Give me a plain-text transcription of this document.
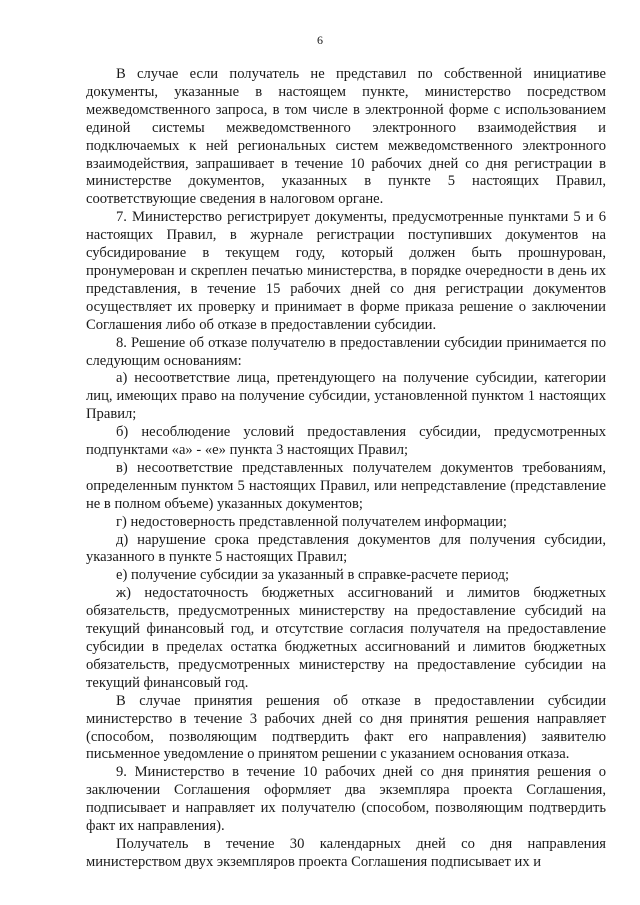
6

В случае если получатель не представил по собственной инициативе документы, указанные в настоящем пункте, министерство посредством межведомственного запроса, в том числе в электронной форме с использованием единой системы межведомственного электронного взаимодействия и подключаемых к ней региональных систем межведомственного электронного взаимодействия, запрашивает в течение 10 рабочих дней со дня регистрации в министерстве документов, указанных в пункте 5 настоящих Правил, соответствующие сведения в налоговом органе.

7. Министерство регистрирует документы, предусмотренные пунктами 5 и 6 настоящих Правил, в журнале регистрации поступивших документов на субсидирование в текущем году, который должен быть прошнурован, пронумерован и скреплен печатью министерства, в порядке очередности в день их представления, в течение 15 рабочих дней со дня регистрации документов осуществляет их проверку и принимает в форме приказа решение о заключении Соглашения либо об отказе в предоставлении субсидии.

8. Решение об отказе получателю в предоставлении субсидии принимается по следующим основаниям:

а) несоответствие лица, претендующего на получение субсидии, категории лиц, имеющих право на получение субсидии, установленной пунктом 1 настоящих Правил;

б) несоблюдение условий предоставления субсидии, предусмотренных подпунктами «а» - «е» пункта 3 настоящих Правил;

в) несоответствие представленных получателем документов требованиям, определенным пунктом 5 настоящих Правил, или непредставление (представление не в полном объеме) указанных документов;

г) недостоверность представленной получателем информации;

д) нарушение срока представления документов для получения субсидии, указанного в пункте 5 настоящих Правил;

е) получение субсидии за указанный в справке-расчете период;

ж) недостаточность бюджетных ассигнований и лимитов бюджетных обязательств, предусмотренных министерству на предоставление субсидий на текущий финансовый год, и отсутствие согласия получателя на предоставление субсидии в пределах остатка бюджетных ассигнований и лимитов бюджетных обязательств, предусмотренных министерству на предоставление субсидии на текущий финансовый год.

В случае принятия решения об отказе в предоставлении субсидии министерство в течение 3 рабочих дней со дня принятия решения направляет (способом, позволяющим подтвердить факт его направления) заявителю письменное уведомление о принятом решении с указанием основания отказа.

9. Министерство в течение 10 рабочих дней со дня принятия решения о заключении Соглашения оформляет два экземпляра проекта Соглашения, подписывает и направляет их получателю (способом, позволяющим подтвердить факт их направления).

Получатель в течение 30 календарных дней со дня направления министерством двух экземпляров проекта Соглашения подписывает их и
